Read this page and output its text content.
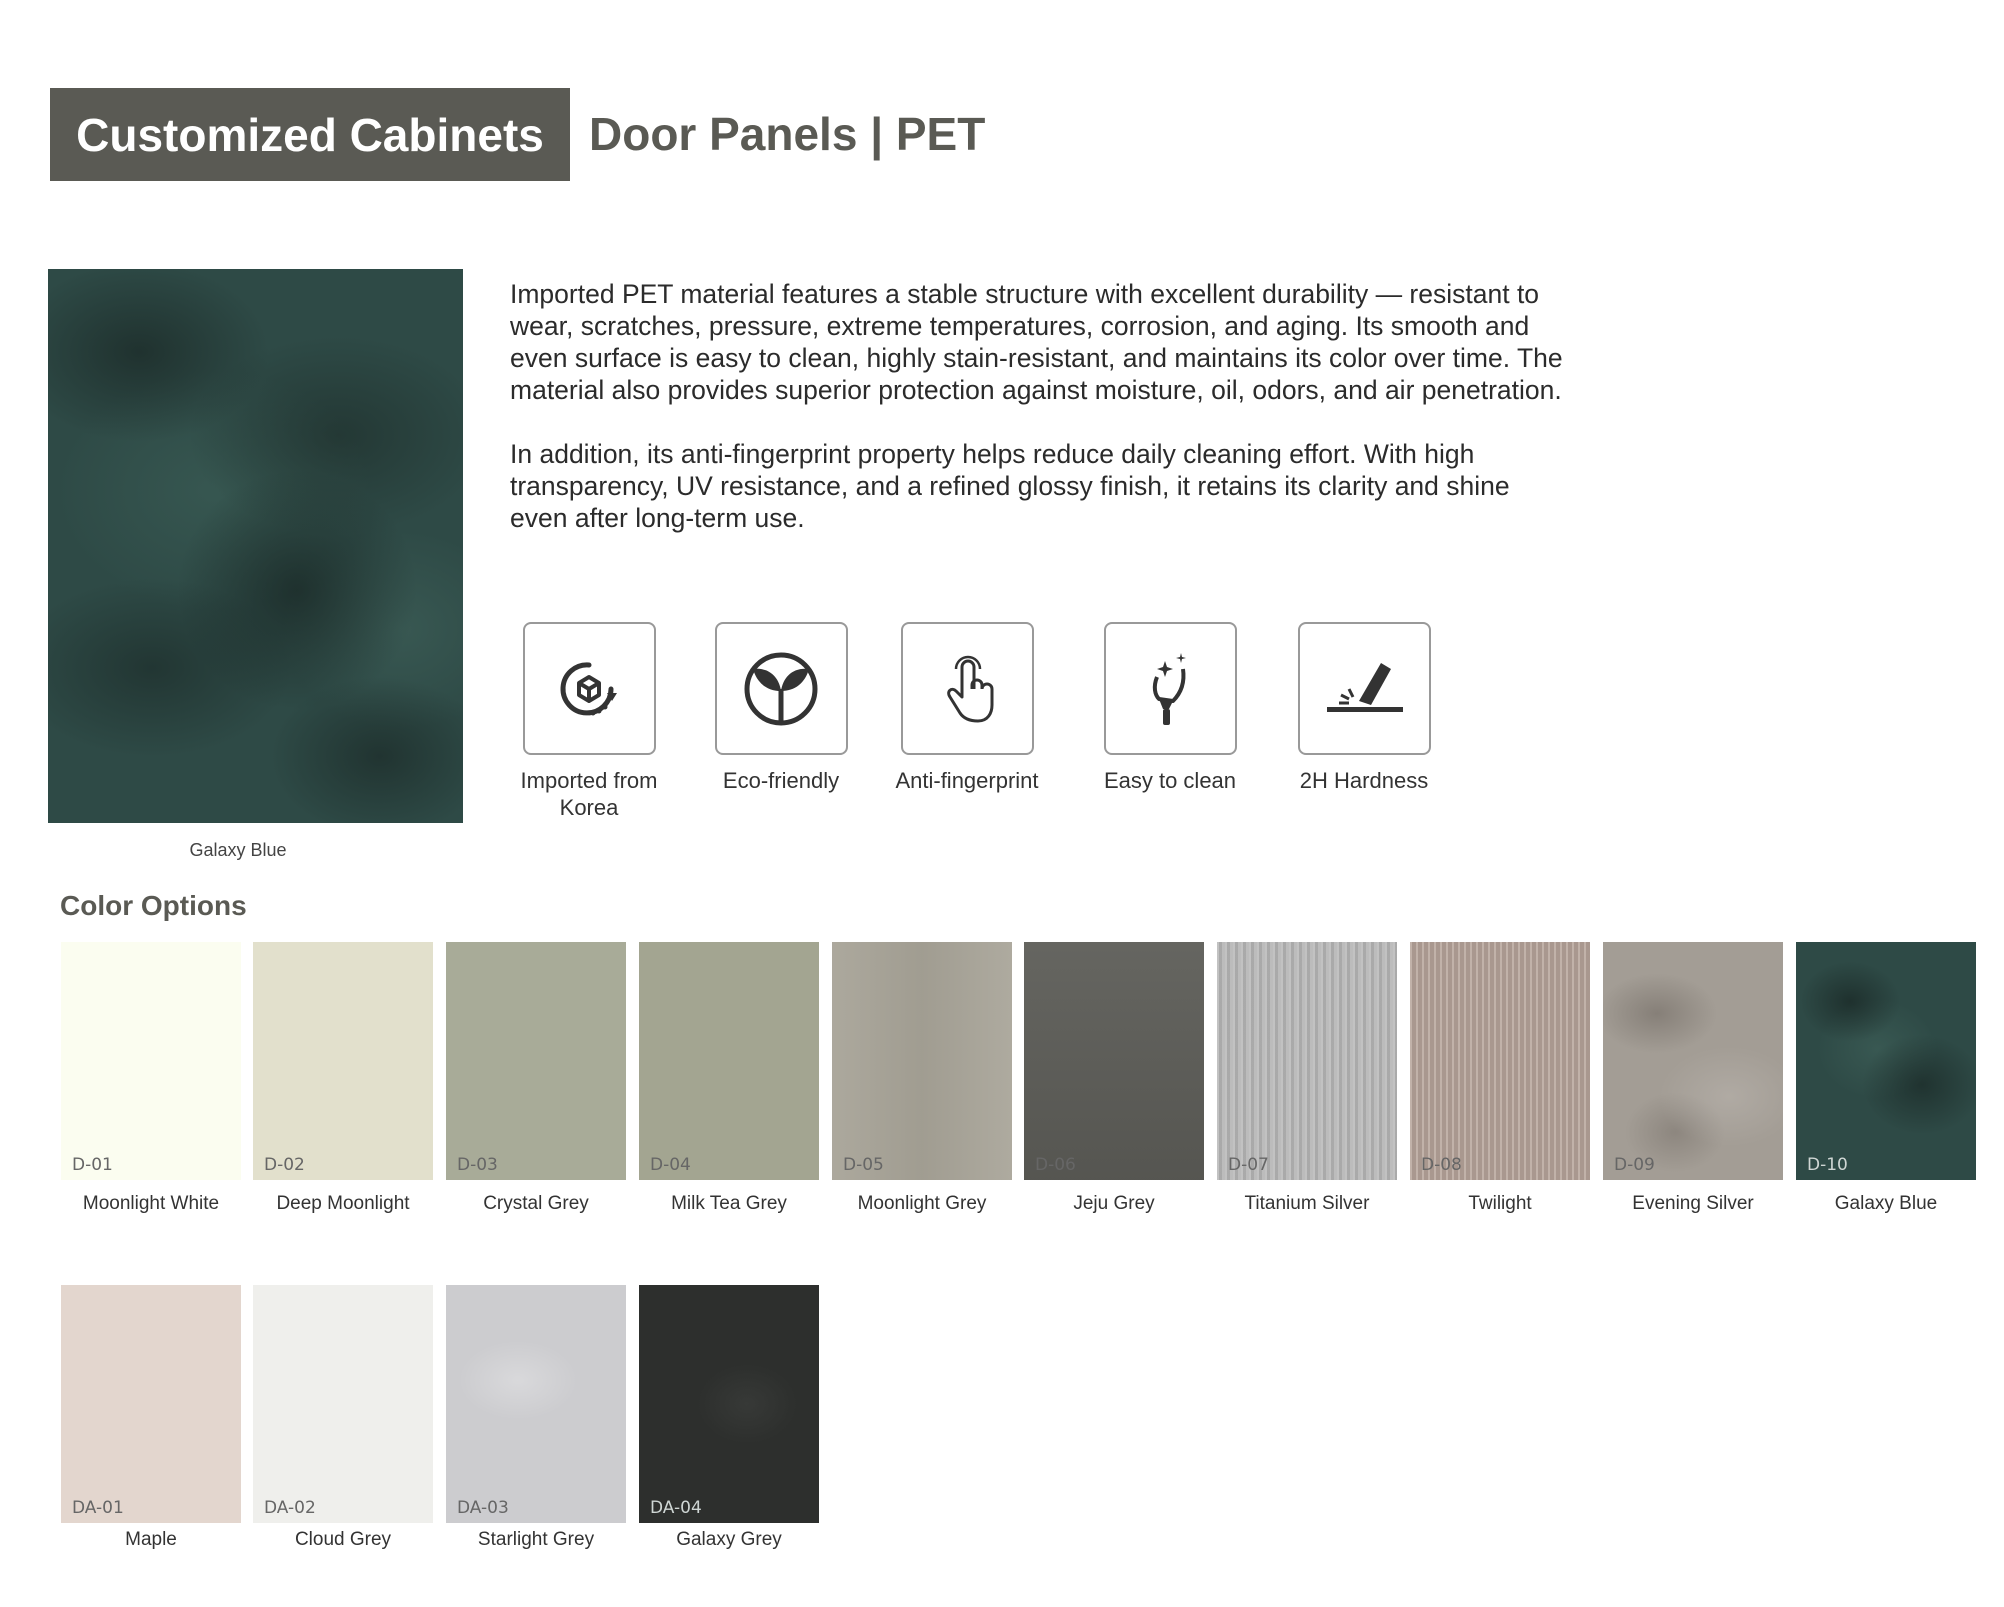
Customized Cabinets Door Panels | PET
Galaxy Blue

Imported PET material features a stable structure with excellent durability — resistant to wear, scratches, pressure, extreme temperatures, corrosion, and aging. Its smooth and even surface is easy to clean, highly stain-resistant, and maintains its color over time. The material also provides superior protection against moisture, oil, odors, and air penetration.

In addition, its anti-fingerprint property helps reduce daily cleaning effort. With high transparency, UV resistance, and a refined glossy finish, it retains its clarity and shine even after long-term use.

Imported from Korea
Eco-friendly	Anti-fingerprint	Easy to clean	2H Hardness
Color Options
D-01
Moonlight White
D-02
Deep Moonlight
D-03
Crystal Grey
D-04
Milk Tea Grey
D-05
Moonlight Grey
D-06
Jeju Grey
D-07
Titanium Silver
D-08
Twilight
D-09
Evening Silver
D-10
Galaxy Blue
DA-01
Maple
DA-02
Cloud Grey
DA-03
Starlight Grey
DA-04
Galaxy Grey
